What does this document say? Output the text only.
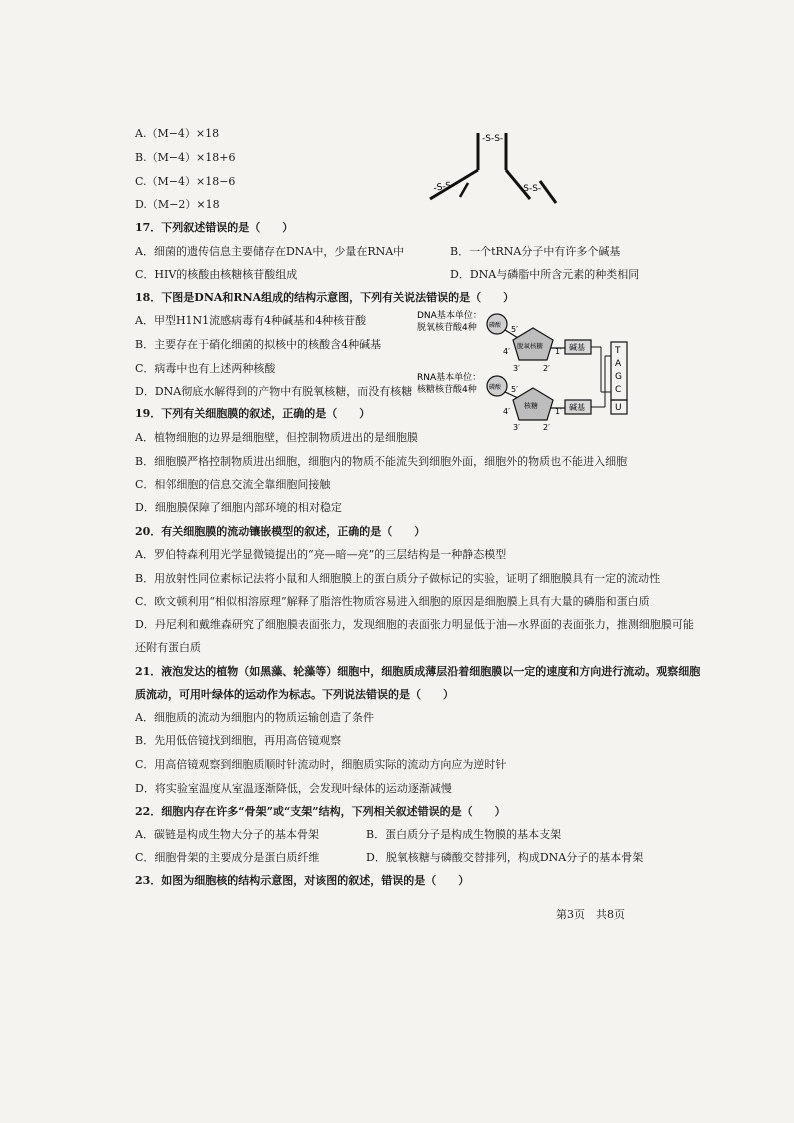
A.（M−4）×18
B.（M−4）×18+6
C.（M−4）×18−6
D.（M−2）×18
-S-S-
-S-S-	-S-S-
17．下列叙述错误的是（　　）
A．细菌的遗传信息主要储存在DNA中，少量在RNA中	B．一个tRNA分子中有许多个碱基
C．HIV的核酸由核糖核苷酸组成	D．DNA与磷脂中所含元素的种类相同
18．下图是DNA和RNA组成的结构示意图，下列有关说法错误的是（　　）
A．甲型H1N1流感病毒有4种碱基和4种核苷酸
B．主要存在于硝化细菌的拟核中的核酸含4种碱基
C．病毒中也有上述两种核酸
D．DNA彻底水解得到的产物中有脱氧核糖，而没有核糖
DNA基本单位：
脱氧核苷酸4种 磷酸 5′
脱氧核糖
4′	1′
3′	2′
碱基
RNA基本单位：
核糖核苷酸4种 磷酸 5′
核糖
4′	1′
3′	2′
碱基
T
A
G
C
U
19．下列有关细胞膜的叙述，正确的是（　　）
A．植物细胞的边界是细胞壁，但控制物质进出的是细胞膜
B．细胞膜严格控制物质进出细胞，细胞内的物质不能流失到细胞外面，细胞外的物质也不能进入细胞
C．相邻细胞的信息交流全靠细胞间接触
D．细胞膜保障了细胞内部环境的相对稳定
20．有关细胞膜的流动镶嵌模型的叙述，正确的是（　　）
A．罗伯特森利用光学显微镜提出的“亮—暗—亮”的三层结构是一种静态模型
B．用放射性同位素标记法将小鼠和人细胞膜上的蛋白质分子做标记的实验，证明了细胞膜具有一定的流动性
C．欧文顿利用“相似相溶原理”解释了脂溶性物质容易进入细胞的原因是细胞膜上具有大量的磷脂和蛋白质
D．丹尼利和戴维森研究了细胞膜表面张力，发现细胞的表面张力明显低于油—水界面的表面张力，推测细胞膜可能
还附有蛋白质
21．液泡发达的植物（如黑藻、轮藻等）细胞中，细胞质成薄层沿着细胞膜以一定的速度和方向进行流动。观察细胞
质流动，可用叶绿体的运动作为标志。下列说法错误的是（　　）
A．细胞质的流动为细胞内的物质运输创造了条件
B．先用低倍镜找到细胞，再用高倍镜观察
C．用高倍镜观察到细胞质顺时针流动时，细胞质实际的流动方向应为逆时针
D．将实验室温度从室温逐渐降低，会发现叶绿体的运动逐渐减慢
22．细胞内存在许多“骨架”或“支架”结构，下列相关叙述错误的是（　　）
A．碳链是构成生物大分子的基本骨架	B．蛋白质分子是构成生物膜的基本支架
C．细胞骨架的主要成分是蛋白质纤维	D．脱氧核糖与磷酸交替排列，构成DNA分子的基本骨架
23．如图为细胞核的结构示意图，对该图的叙述，错误的是（　　）
第3页　共8页
